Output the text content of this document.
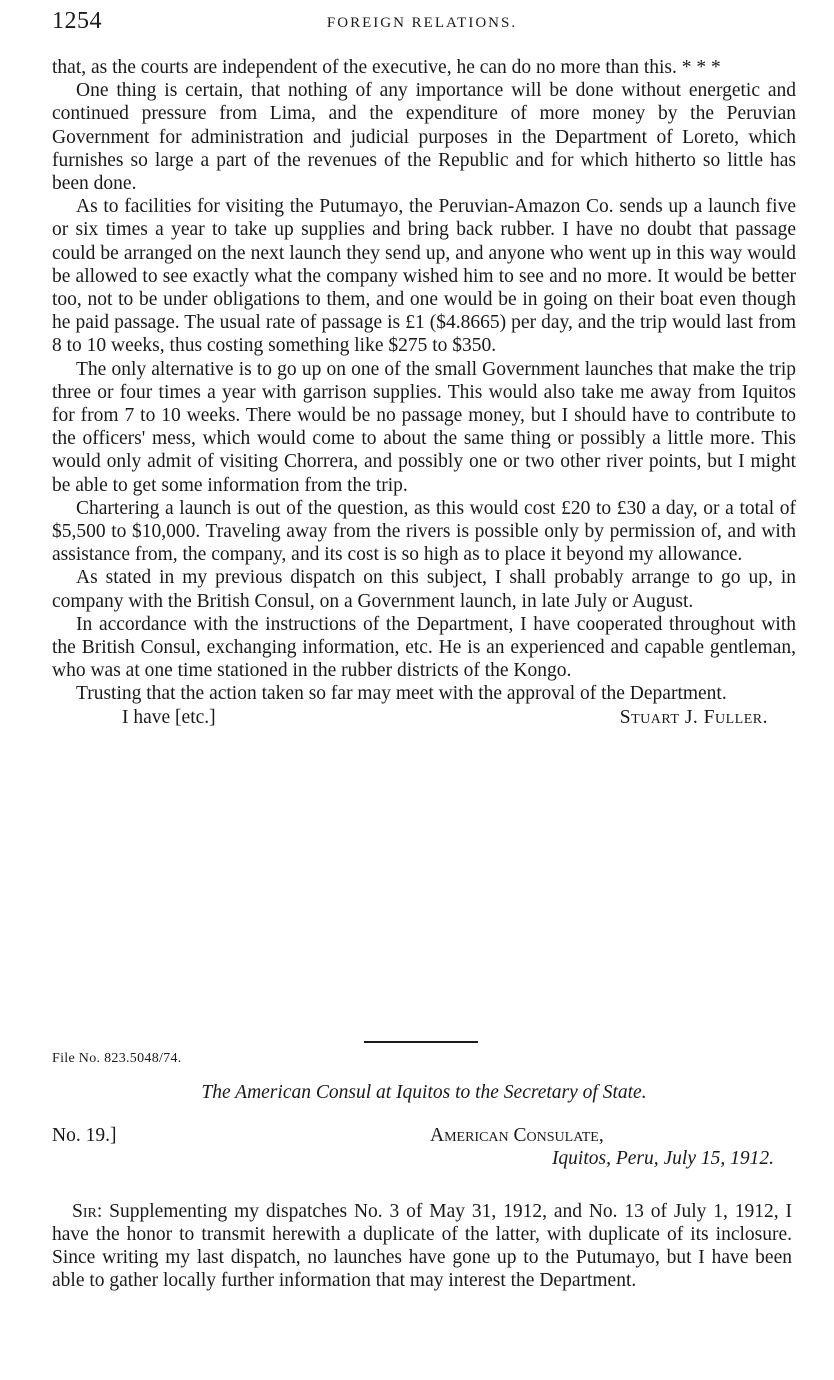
1254	FOREIGN RELATIONS.

that, as the courts are independent of the executive, he can do no more than this. * * *

One thing is certain, that nothing of any importance will be done without energetic and continued pressure from Lima, and the expenditure of more money by the Peruvian Government for administration and judicial purposes in the Department of Loreto, which furnishes so large a part of the revenues of the Republic and for which hitherto so little has been done.

As to facilities for visiting the Putumayo, the Peruvian-Amazon Co. sends up a launch five or six times a year to take up supplies and bring back rubber. I have no doubt that passage could be arranged on the next launch they send up, and anyone who went up in this way would be allowed to see exactly what the company wished him to see and no more. It would be better too, not to be under obligations to them, and one would be in going on their boat even though he paid passage. The usual rate of passage is £1 ($4.8665) per day, and the trip would last from 8 to 10 weeks, thus costing something like $275 to $350.

The only alternative is to go up on one of the small Government launches that make the trip three or four times a year with garrison supplies. This would also take me away from Iquitos for from 7 to 10 weeks. There would be no passage money, but I should have to contribute to the officers' mess, which would come to about the same thing or possibly a little more. This would only admit of visiting Chorrera, and possibly one or two other river points, but I might be able to get some information from the trip.

Chartering a launch is out of the question, as this would cost £20 to £30 a day, or a total of $5,500 to $10,000. Traveling away from the rivers is possible only by permission of, and with assistance from, the company, and its cost is so high as to place it beyond my allowance.

As stated in my previous dispatch on this subject, I shall probably arrange to go up, in company with the British Consul, on a Government launch, in late July or August.

In accordance with the instructions of the Department, I have cooperated throughout with the British Consul, exchanging information, etc. He is an experienced and capable gentleman, who was at one time stationed in the rubber districts of the Kongo.

Trusting that the action taken so far may meet with the approval of the Department.

I have [etc.]	Stuart J. Fuller.
File No. 823.5048/74.
The American Consul at Iquitos to the Secretary of State.
No. 19.]	American Consulate,
Iquitos, Peru, July 15, 1912.

Sir: Supplementing my dispatches No. 3 of May 31, 1912, and No. 13 of July 1, 1912, I have the honor to transmit herewith a duplicate of the latter, with duplicate of its inclosure. Since writing my last dispatch, no launches have gone up to the Putumayo, but I have been able to gather locally further information that may interest the Department.
